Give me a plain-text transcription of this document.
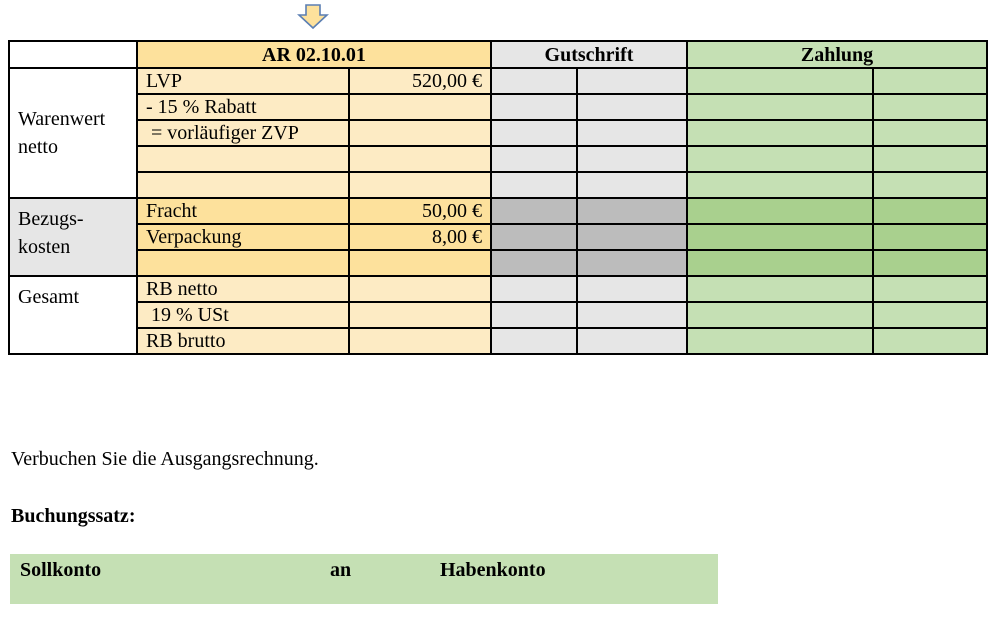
	AR 02.10.01		Gutschrift		Zahlung	
Warenwert netto	LVP	520,00 €				
	- 15 % Rabatt					
	= vorläufiger ZVP					

Bezugs-kosten	Fracht	50,00 €				
	Verpackung	8,00 €				

Gesamt	RB netto					
	19 % USt					
	RB brutto					

Verbuchen Sie die Ausgangsrechnung.

Buchungssatz:

Sollkonto	an	Habenkonto
